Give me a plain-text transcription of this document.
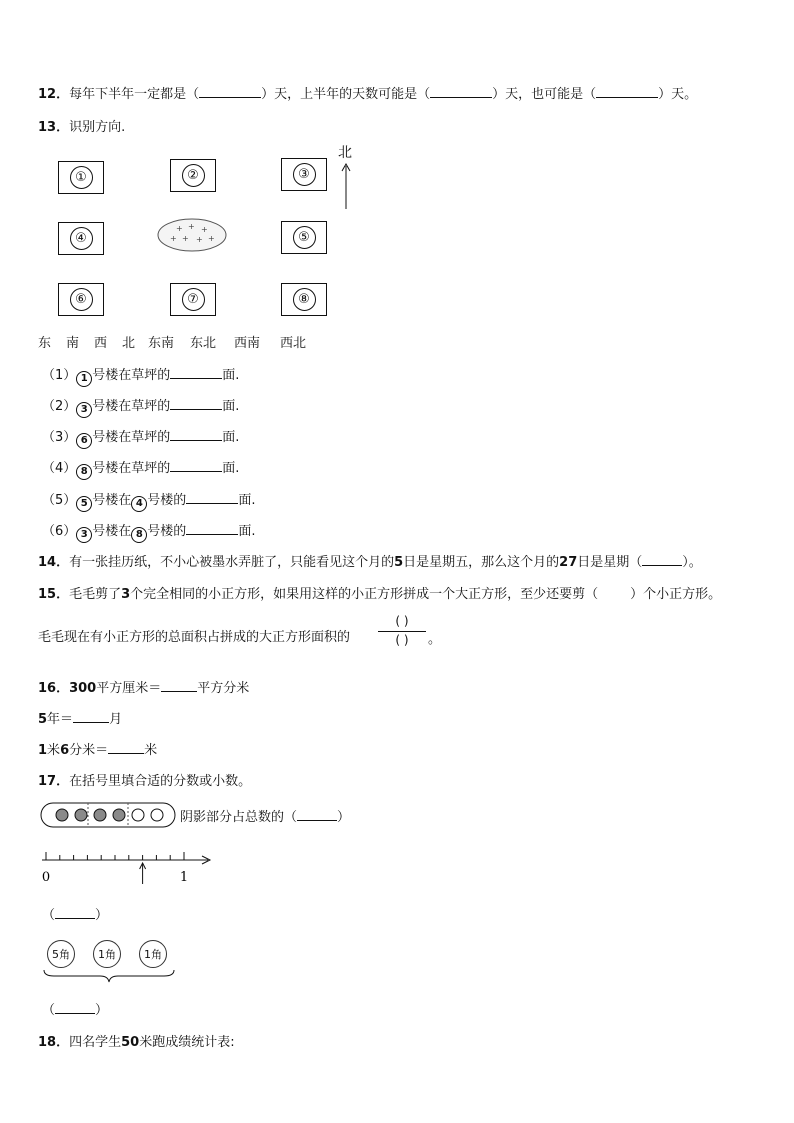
12．每年下半年一定都是（	）天，上半年的天数可能是（	）天，也可能是（	）天。
13．识别方向.
①	②	③
④	⑤
⑥	⑦	⑧
+ + +
+ + + +
北
东 南 西 北 东南 东北 西南 西北
（1） 1 号楼在草坪的	面.
（2） 3 号楼在草坪的	面.
（3） 6 号楼在草坪的	面.
（4） 8 号楼在草坪的	面.
（5） 5 号楼在 4 号楼的	面.
（6） 3 号楼在 8 号楼的	面.
14．有一张挂历纸，不小心被墨水弄脏了，只能看见这个月的5日是星期五，那么这个月的27日是星期（	）。
15．毛毛剪了3个完全相同的小正方形，如果用这样的小正方形拼成一个大正方形，至少还要剪（ ）个小正方形。
毛毛现在有小正方形的总面积占拼成的大正方形面积的
( )
( )	。
16．300平方厘米＝	平方分米
5年＝	月
1米6分米＝	米
17．在括号里填合适的分数或小数。
阴影部分占总数的（	）
0	1
（	）
5角	1角	1角
（	）
18．四名学生50米跑成绩统计表:
